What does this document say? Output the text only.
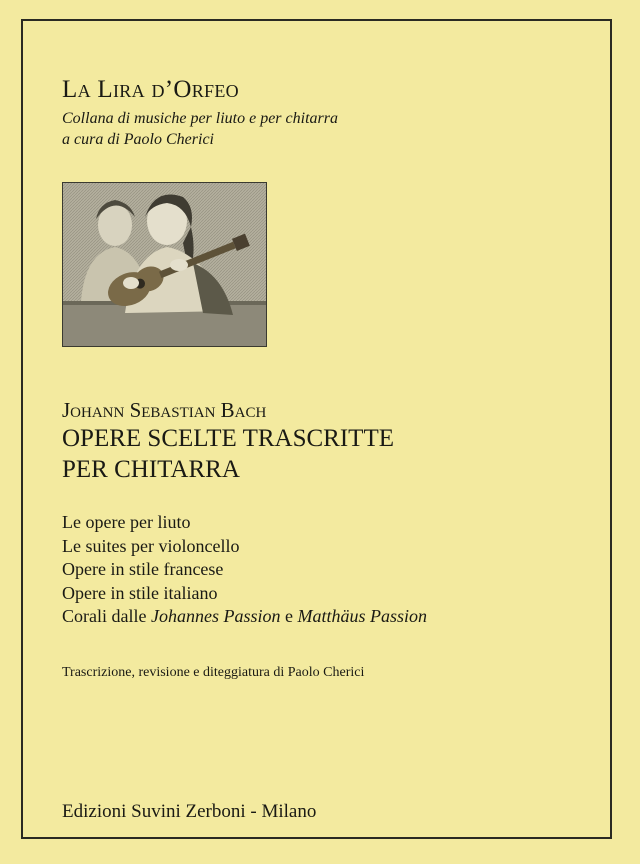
La Lira d’Orfeo
Collana di musiche per liuto e per chitarra
a cura di Paolo Cherici
Johann Sebastian Bach
OPERE SCELTE TRASCRITTE
PER CHITARRA
Le opere per liuto
Le suites per violoncello
Opere in stile francese
Opere in stile italiano
Corali dalle Johannes Passion e Matthäus Passion
Trascrizione, revisione e diteggiatura di Paolo Cherici
Edizioni Suvini Zerboni - Milano
